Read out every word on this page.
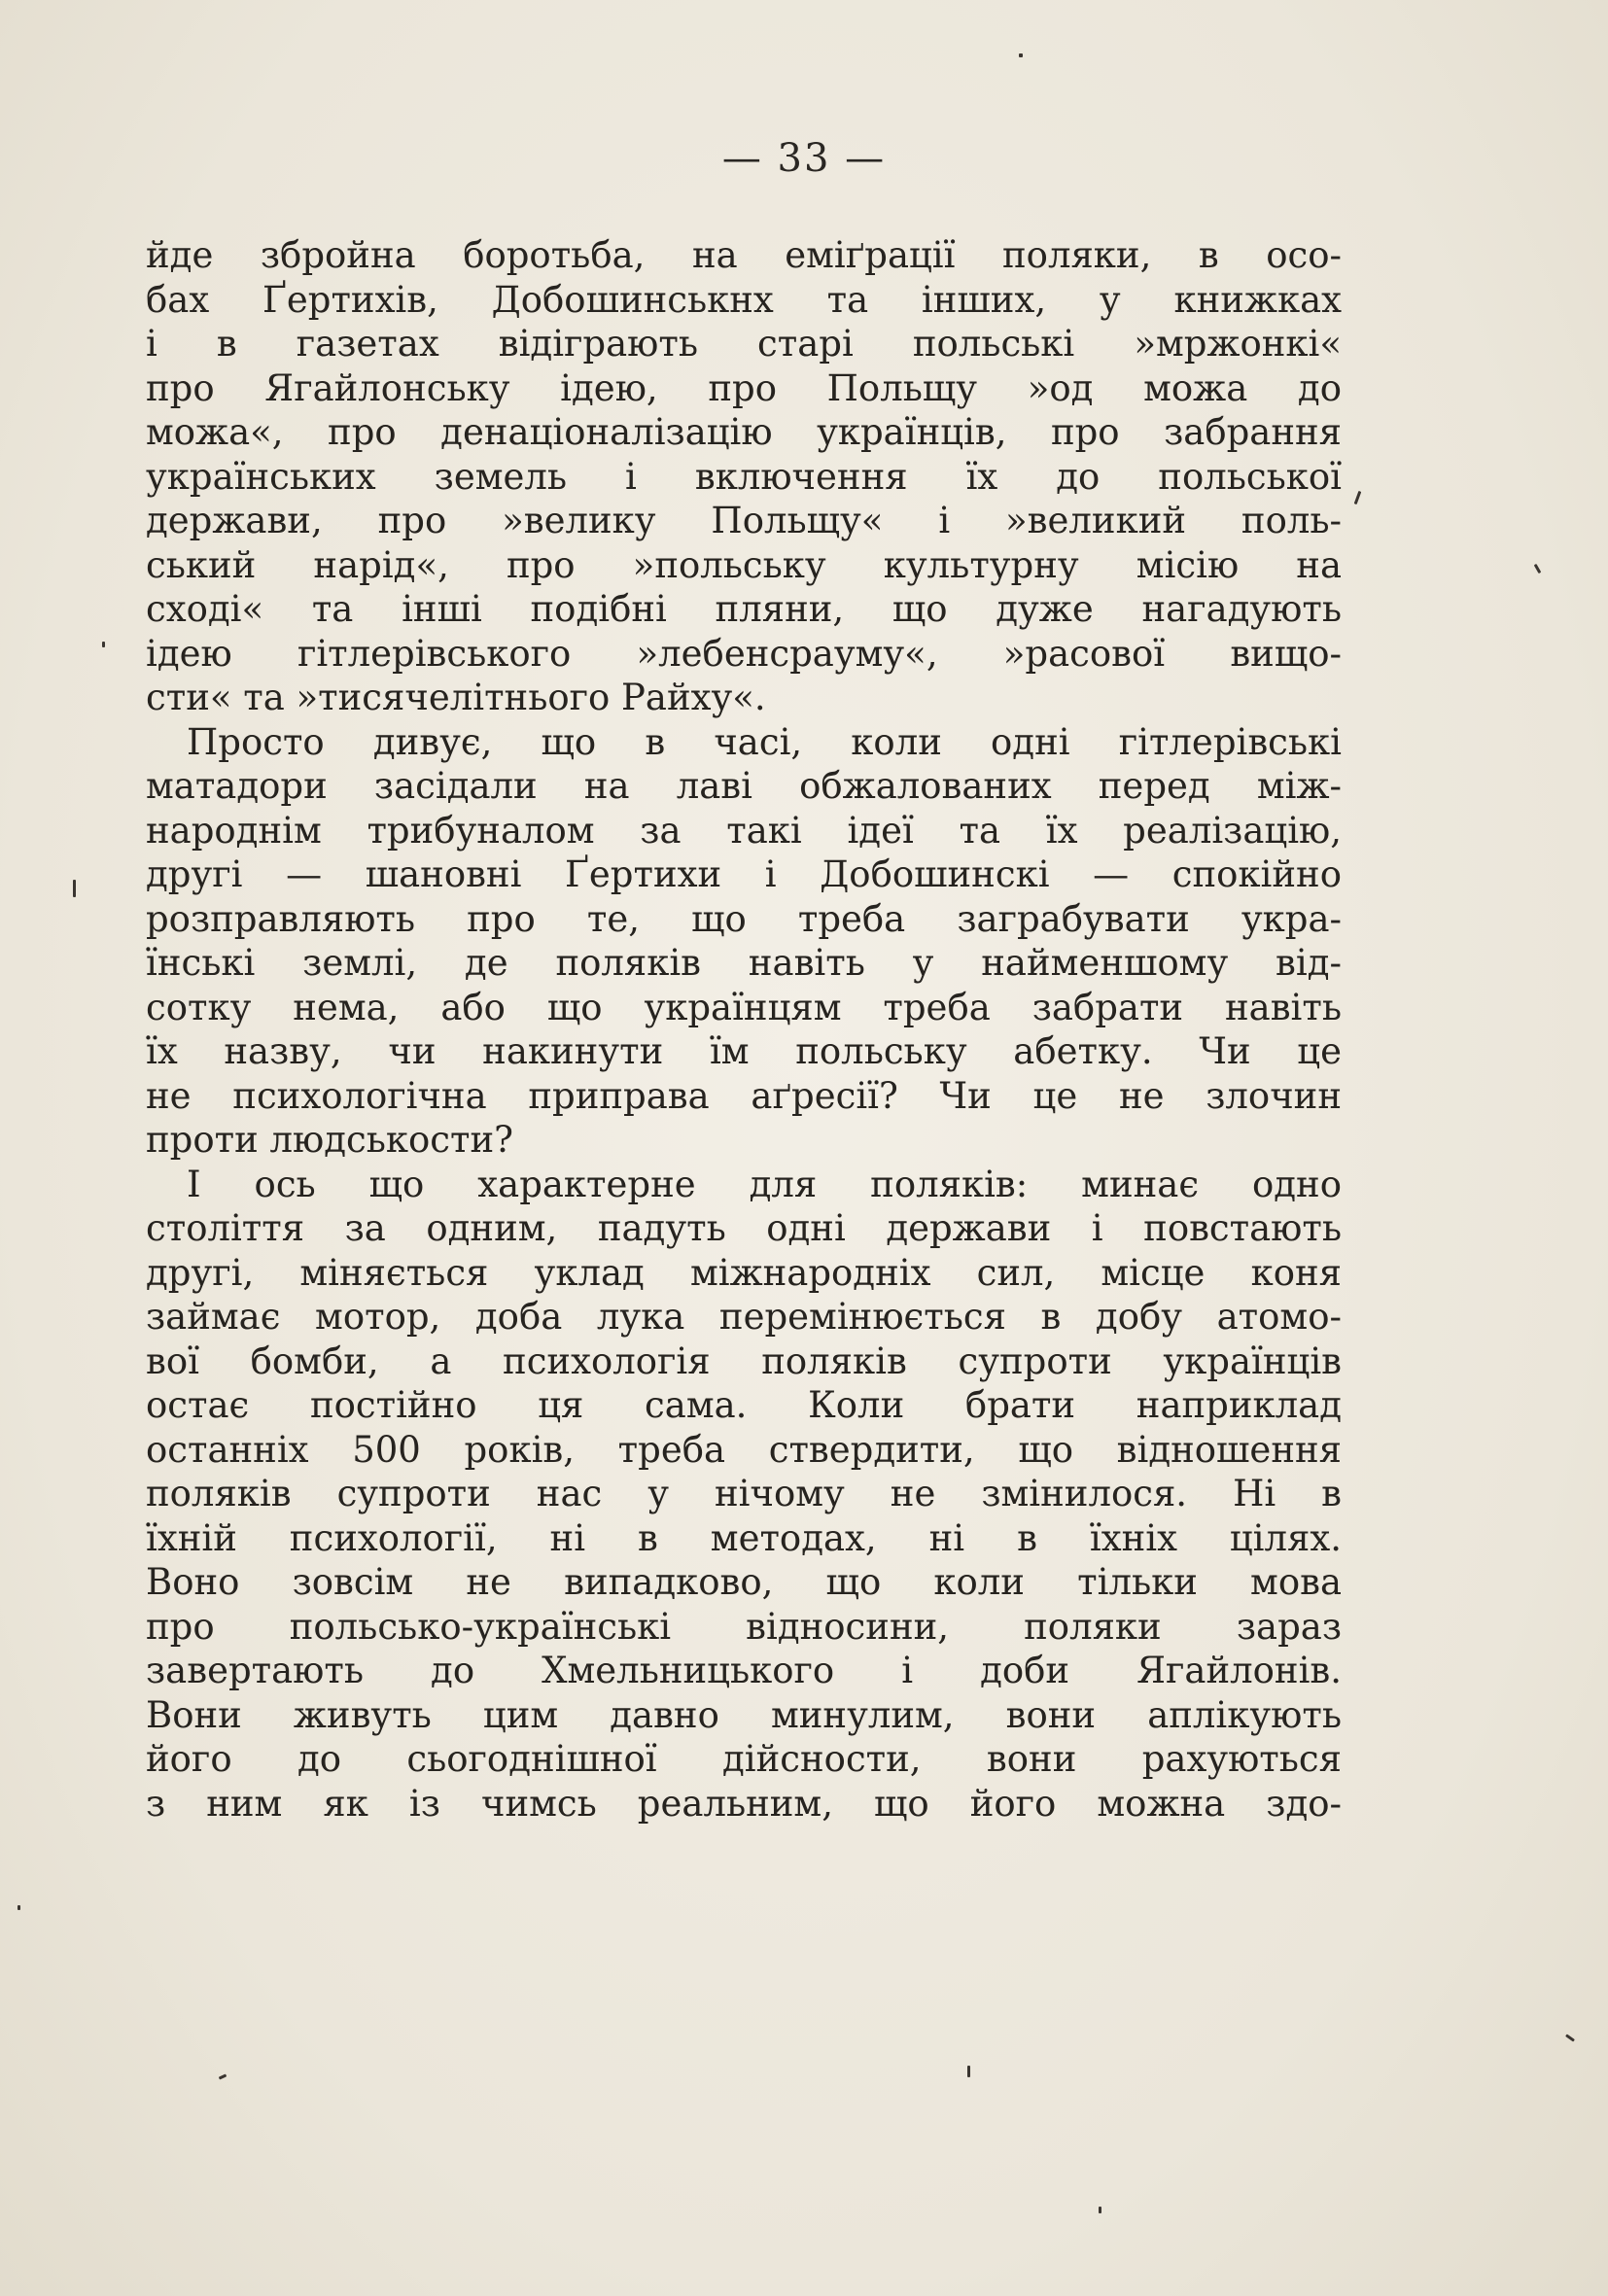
— 33 —
йде збройна боротьба, на еміґрації поляки, в осо-
бах Ґертихів, Добошинськнх та інших, у книжках
і в газетах відіграють старі польські »мржонкі«
про Ягайлонську ідею, про Польщу »од можа до
можа«, про денаціоналізацію українців, про забрання
українських земель і включення їх до польської
держави, про »велику Польщу« і »великий поль-
ський нарід«, про »польську культурну місію на
сході« та інші подібні пляни, що дуже нагадують
ідею гітлерівського »лебенсрауму«, »расової вищо-
сти« та »тисячелітнього Райху«.
Просто дивує, що в часі, коли одні гітлерівські
матадори засідали на лаві обжалованих перед між-
народнім трибуналом за такі ідеї та їх реалізацію,
другі — шановні Ґертихи і Добошинскі — спокійно
розправляють про те, що треба заграбувати укра-
їнські землі, де поляків навіть у найменшому від-
сотку нема, або що українцям треба забрати навіть
їх назву, чи накинути їм польську абетку. Чи це
не психологічна приправа аґресії? Чи це не злочин
проти людськости?
І ось що характерне для поляків: минає одно
століття за одним, падуть одні держави і повстають
другі, міняється уклад міжнародніх сил, місце коня
займає мотор, доба лука перемінюється в добу атомо-
вої бомби, а психологія поляків супроти українців
остає постійно ця сама. Коли брати наприклад
останніх 500 років, треба ствердити, що відношення
поляків супроти нас у нічому не змінилося. Ні в
їхній психології, ні в методах, ні в їхніх цілях.
Воно зовсім не випадково, що коли тільки мова
про польсько-українські відносини, поляки зараз
завертають до Хмельницького і доби Ягайлонів.
Вони живуть цим давно минулим, вони аплікують
його до сьогоднішної дійсности, вони рахуються
з ним як із чимсь реальним, що його можна здо-
